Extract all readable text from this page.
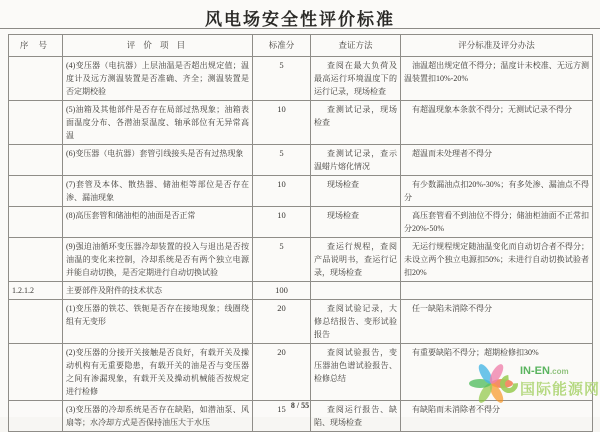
风电场安全性评价标准
序 号	评 价 项 目	标准分	查证方法	评分标准及评分办法
	(4)变压器（电抗器）上层油温是否超出规定值；温度计及远方测温装置是否准确、齐全；测温装置是否定期校验	5	查阅在最大负荷及最高运行环境温度下的运行记录，现场检查	油温超出规定值不得分；温度计未校准、无远方测温装置扣10%-20%
	(5)油箱及其他部件是否存在局部过热现象；油箱表面温度分布、各潜油泵温度、轴承部位有无异常高温	10	查测试记录，现场检查	有超温现象本条款不得分；无测试记录不得分
	(6)变压器（电抗器）套管引线接头是否有过热现象	5	查测试记录，查示温蜡片熔化情况	超温而未处理者不得分
	(7)套管及本体、散热器、储油柜等部位是否存在渗、漏油现象	10	现场检查	有少数漏油点扣20%-30%；有多处渗、漏油点不得分
	(8)高压套管和储油柜的油面是否正常	10	现场检查	高压套管看不到油位不得分；储油柜油面不正常扣分20%-50%
	(9)强迫油循环变压器冷却装置的投入与退出是否按油温的变化来控制，冷却系统是否有两个独立电源并能自动切换，是否定期进行自动切换试验	5	查运行规程，查阅产品说明书，查运行记录，现场检查	无运行规程规定随油温变化而自动切合者不得分；未设立两个独立电源扣50%；未进行自动切换试验者扣20%
1.2.1.2	主要部件及附件的技术状态	100		
	(1)变压器的铁芯、铁轭是否存在接地现象；线圈绕组有无变形	20	查阅试验记录，大修总结报告、变形试验报告	任一缺陷未消除不得分
	(2)变压器的分接开关接触是否良好，有载开关及操动机构有无重要隐患，有载开关的油是否与变压器之间有渗漏现象，有载开关及操动机械能否按规定进行检修	20	查阅试验报告，变压器油色谱试验报告、检修总结	有重要缺陷不得分；超期检修扣30%
	(3)变压器的冷却系统是否存在缺陷，如潜油泵、风扇等；水冷却方式是否保持油压大于水压	15	查阅运行报告、缺陷、现场检查	有缺陷而未消除者不得分
IN-EN.com
国际能源网
8 / 55
